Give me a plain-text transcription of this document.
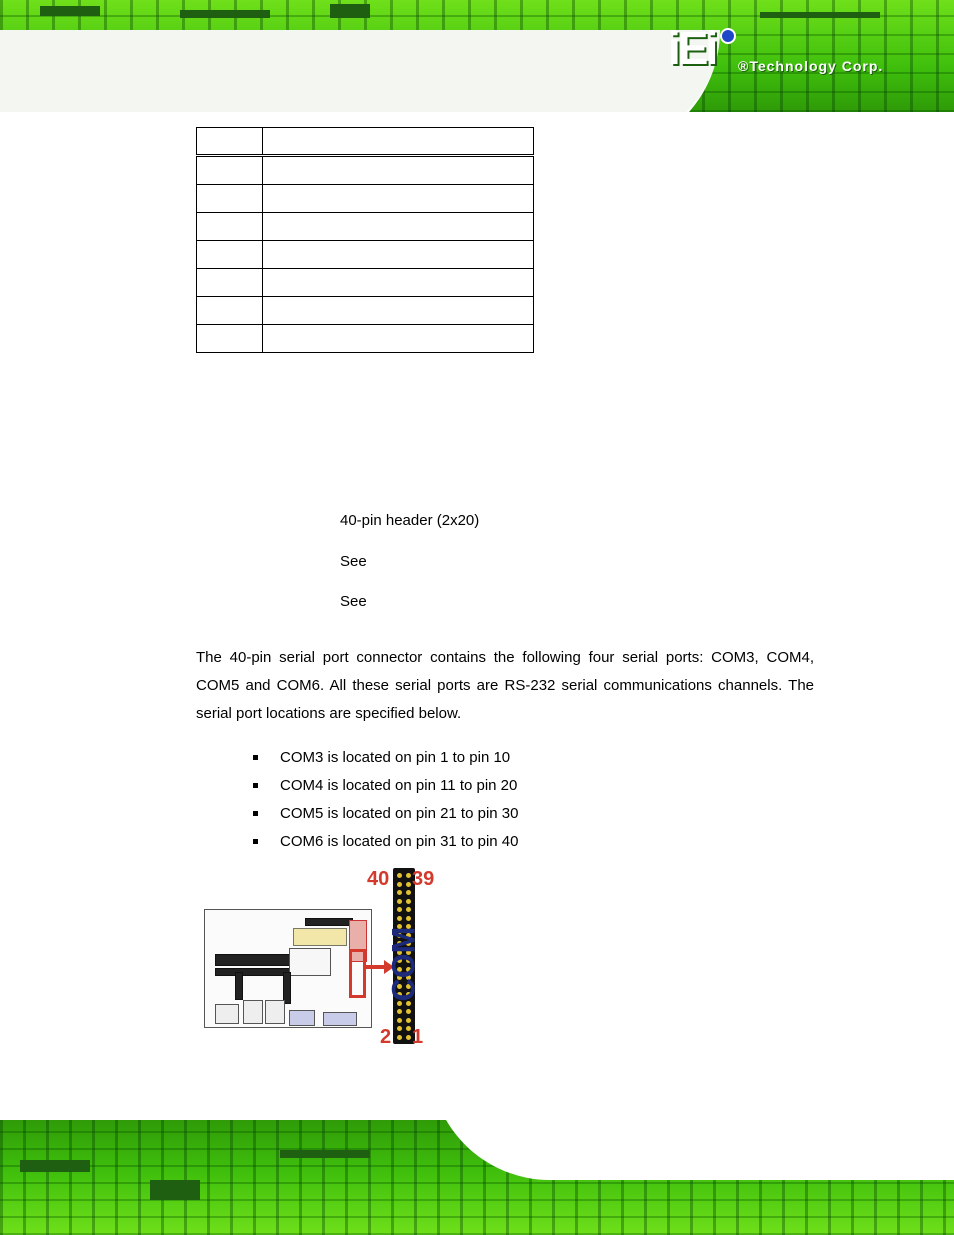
iEi	®Technology Corp.

40-pin header (2x20)
See
See
The 40-pin serial port connector contains the following four serial ports: COM3, COM4, COM5 and COM6. All these serial ports are RS-232 serial communications channels. The serial port locations are specified below.
COM3 is located on pin 1 to pin 10
COM4 is located on pin 11 to pin 20
COM5 is located on pin 21 to pin 30
COM6 is located on pin 31 to pin 40
40 39
2 1
COM
